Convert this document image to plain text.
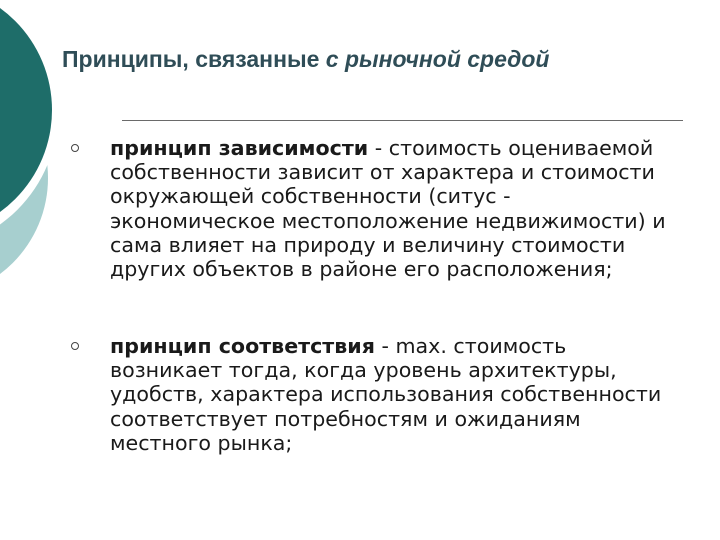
Принципы, связанные с рыночной средой
принцип зависимости - стоимость оцениваемой собственности зависит от характера и стоимости окружающей собственности (ситус - экономическое местоположение недвижимости) и сама влияет на природу и величину стоимости других объектов в районе его расположения;
принцип соответствия - max. стоимость возникает тогда, когда уровень архитектуры, удобств, характера использования собственности соответствует потребностям и ожиданиям местного рынка;
